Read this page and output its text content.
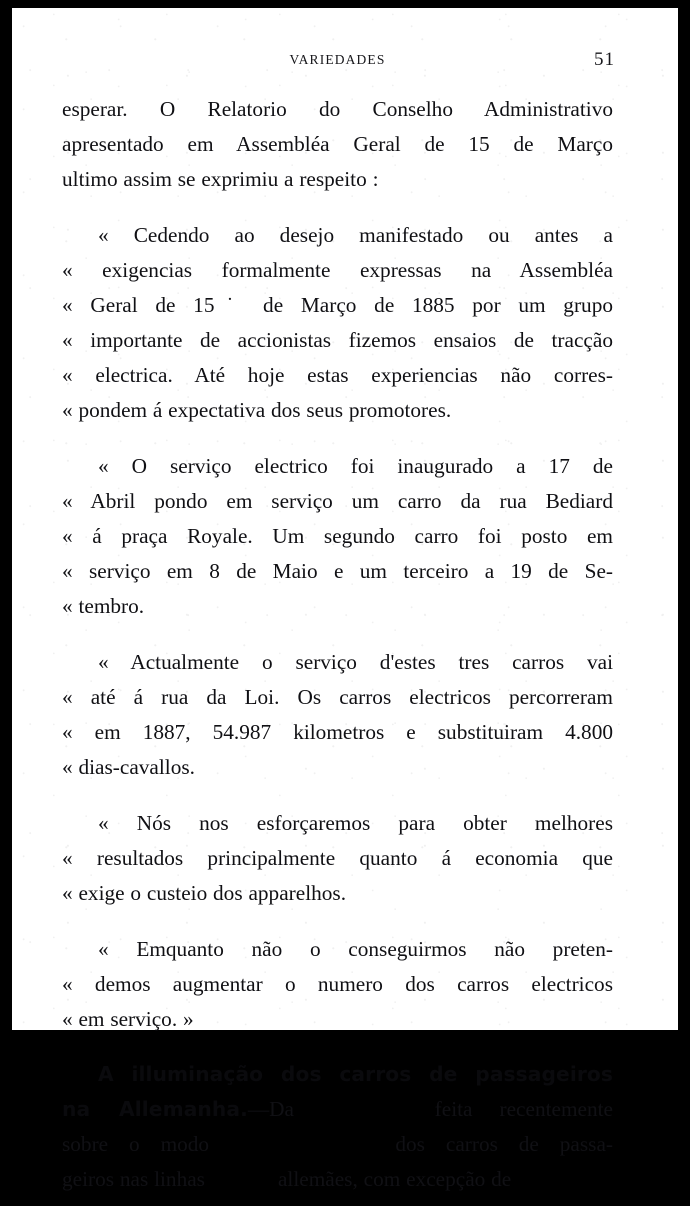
VARIEDADES	51

esperar. O Relatorio do Conselho Administrativo
apresentado em Assembléa Geral de 15 de Março
ultimo assim se exprimiu a respeito :

« Cedendo ao desejo manifestado ou antes a
« exigencias formalmente expressas na Assembléa
« Geral de 15˙ de Março de 1885 por um grupo
« importante de accionistas fizemos ensaios de tracção
« electrica. Até hoje estas experiencias não corres-
« pondem á expectativa dos seus promotores.

« O serviço electrico foi inaugurado a 17 de
« Abril pondo em serviço um carro da rua Bediard
« á praça Royale. Um segundo carro foi posto em
« serviço em 8 de Maio e um terceiro a 19 de Se-
« tembro.

« Actualmente o serviço d'estes tres carros vai
« até á rua da Loi. Os carros electricos percorreram
« em 1887, 54.987 kilometros e substituiram 4.800
« dias-cavallos.

« Nós nos esforçaremos para obter melhores
« resultados principalmente quanto á economia que
« exige o custeio dos apparelhos.

« Emquanto não o conseguirmos não preten-
« demos augmentar o numero dos carros electricos
« em serviço. »

A illuminação dos carros de passageiros
na Allemanha.—Da estatistica feita recentemente
sobre o modo de illuminação dos carros de passa-
geiros nas linhas ferreas allemães, com excepção de
